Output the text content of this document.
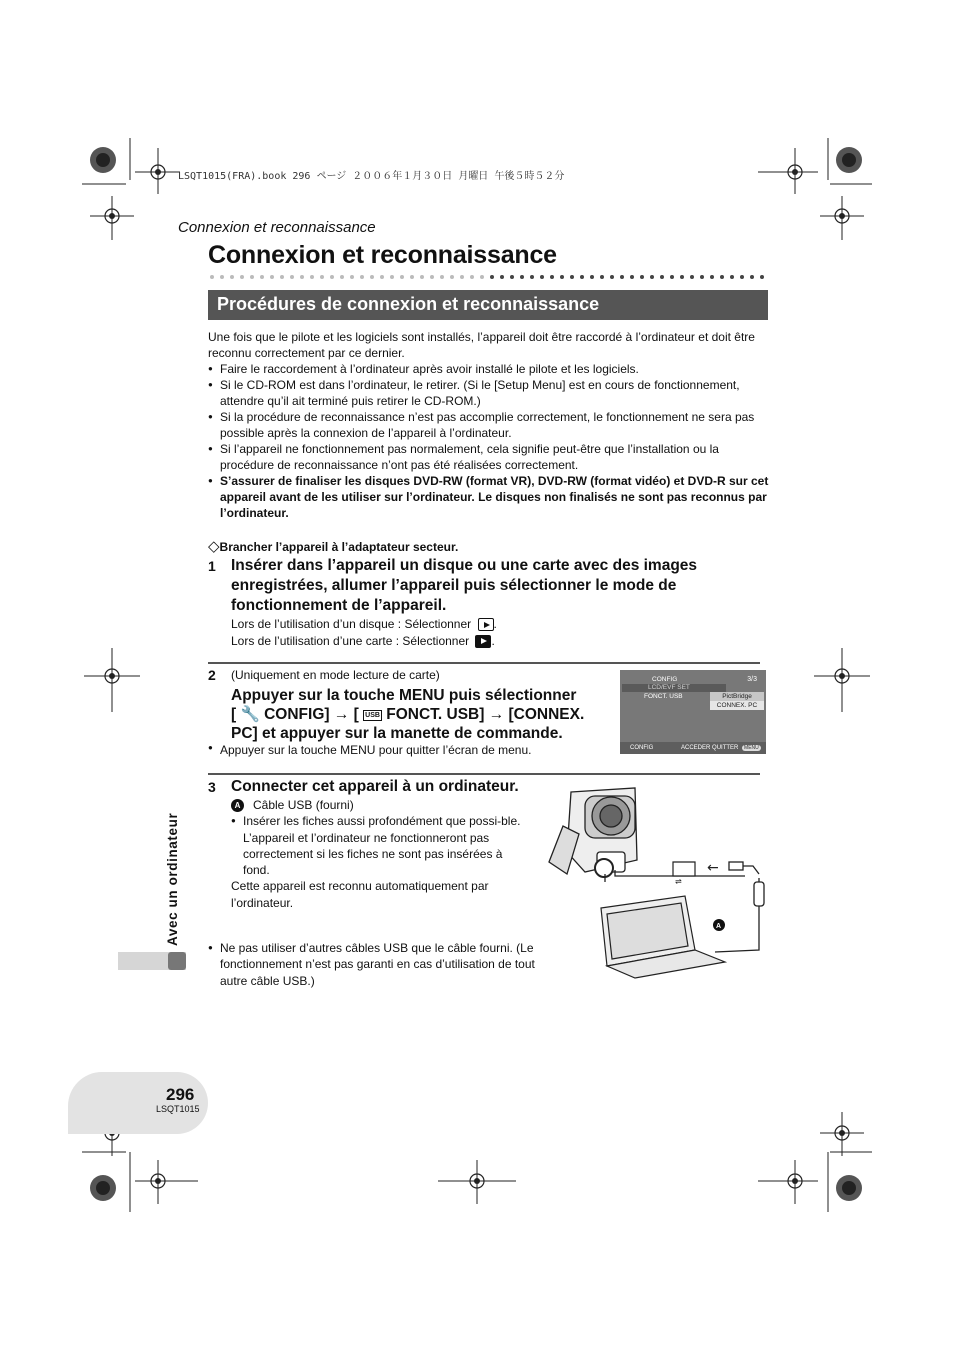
LSQT1015(FRA).book 296 ページ ２００６年１月３０日 月曜日 午後５時５２分
Connexion et reconnaissance
Connexion et reconnaissance
Procédures de connexion et reconnaissance
Une fois que le pilote et les logiciels sont installés, l’appareil doit être raccordé à l’ordinateur et doit être reconnu correctement par ce dernier.
● Faire le raccordement à l’ordinateur après avoir installé le pilote et les logiciels.
● Si le CD-ROM est dans l’ordinateur, le retirer. (Si le [Setup Menu] est en cours de fonctionnement, attendre qu’il ait terminé puis retirer le CD-ROM.)
● Si la procédure de reconnaissance n’est pas accomplie correctement, le fonctionnement ne sera pas possible après la connexion de l’appareil à l’ordinateur.
● Si l’appareil ne fonctionnement pas normalement, cela signifie peut-être que l’installation ou la procédure de reconnaissance n’ont pas été réalisées correctement.
● S’assurer de finaliser les disques DVD-RW (format VR), DVD-RW (format vidéo) et DVD-R sur cet appareil avant de les utiliser sur l’ordinateur. Le disques non finalisés ne sont pas reconnus par l’ordinateur.
◇Brancher l’appareil à l’adaptateur secteur.
1 Insérer dans l’appareil un disque ou une carte avec des images enregistrées, allumer l’appareil puis sélectionner le mode de fonctionnement de l’appareil.
Lors de l’utilisation d’un disque : Sélectionner .
Lors de l’utilisation d’une carte : Sélectionner .
2 (Uniquement en mode lecture de carte)
Appuyer sur la touche MENU puis sélectionner
[ 🔧 CONFIG] → [ USB FONCT. USB] → [CONNEX.
PC] et appuyer sur la manette de commande.
● Appuyer sur la touche MENU pour quitter l’écran de menu.
CONFIG	3/3
LCD/EVF SET
FONCT. USB	PictBridge
CONNEX. PC
CONFIG	ACCEDER QUITTER MENU
3 Connecter cet appareil à un ordinateur.
A Câble USB (fourni)
● Insérer les fiches aussi profondément que possi-ble. L’appareil et l’ordinateur ne fonctionneront pas correctement si les fiches ne sont pas insérées à fond.
Cette appareil est reconnu automatiquement par l’ordinateur.
● Ne pas utiliser d’autres câbles USB que le câble fourni. (Le fonctionnement n’est pas garanti en cas d’utilisation de tout autre câble USB.)
←
⇌
A
Avec un ordinateur
296
LSQT1015
